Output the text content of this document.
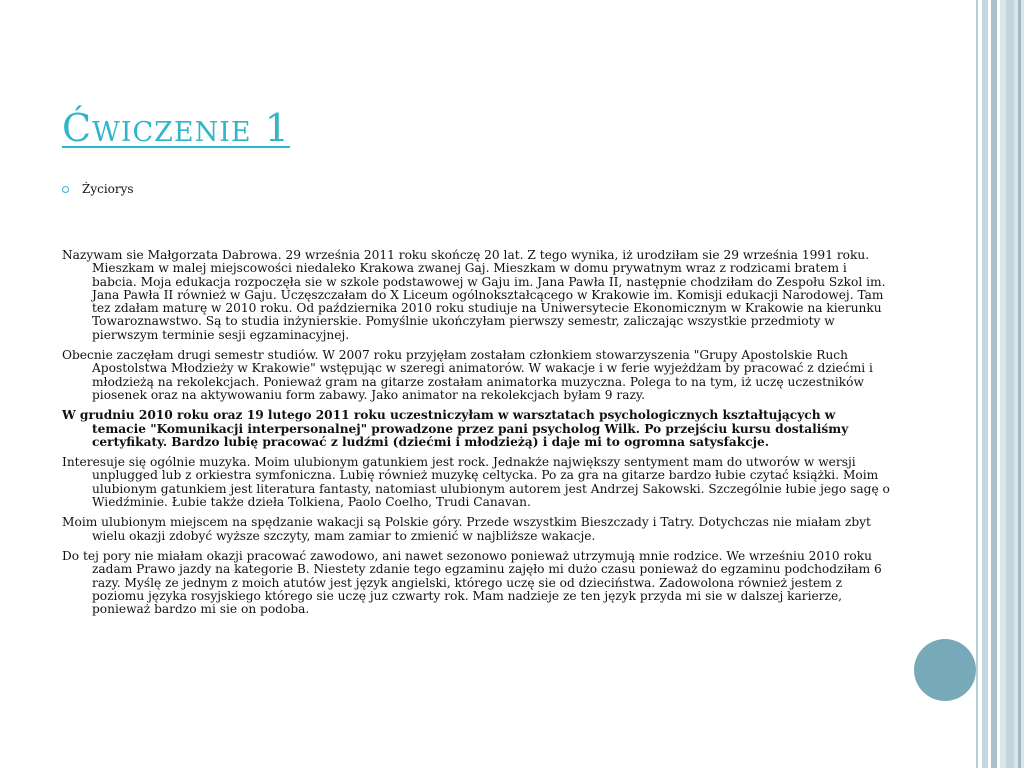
Ćwiczenie 1
Życiorys

Nazywam sie Małgorzata Dabrowa. 29 września 2011 roku skończę 20 lat. Z tego wynika, iż urodziłam sie 29 września 1991 roku. Mieszkam w malej miejscowości niedaleko Krakowa zwanej Gaj. Mieszkam w domu prywatnym wraz z rodzicami bratem i babcia. Moja edukacja rozpoczęła sie w szkole podstawowej w Gaju im. Jana Pawła II, następnie chodziłam do Zespołu Szkol im. Jana Pawła II również w Gaju. Uczęszczałam do X Liceum ogólnokształcącego w Krakowie im. Komisji edukacji Narodowej. Tam tez zdałam maturę w 2010 roku. Od października 2010 roku studiuje na Uniwersytecie Ekonomicznym w Krakowie na kierunku Towaroznawstwo. Są to studia inżynierskie. Pomyślnie ukończyłam pierwszy semestr, zaliczając wszystkie przedmioty w pierwszym terminie sesji egzaminacyjnej.

Obecnie zaczęłam drugi semestr studiów. W 2007 roku przyjęłam zostałam członkiem stowarzyszenia "Grupy Apostolskie Ruch Apostolstwa Młodzieży w Krakowie" wstępując w szeregi animatorów. W wakacje i w ferie wyjeżdżam by pracować z dziećmi i młodzieżą na rekolekcjach. Ponieważ gram na gitarze zostałam animatorka muzyczna. Polega to na tym, iż uczę uczestników piosenek oraz na aktywowaniu form zabawy. Jako animator na rekolekcjach byłam 9 razy.

W grudniu 2010 roku oraz 19 lutego 2011 roku uczestniczyłam w warsztatach psychologicznych kształtujących w temacie "Komunikacji interpersonalnej" prowadzone przez pani psycholog Wilk. Po przejściu kursu dostaliśmy certyfikaty. Bardzo lubię pracować z ludźmi (dziećmi i młodzieżą) i daje mi to ogromna satysfakcje.

Interesuje się ogólnie muzyka. Moim ulubionym gatunkiem jest rock. Jednakże największy sentyment mam do utworów w wersji unplugged lub z orkiestra symfoniczna. Lubię również muzykę celtycka. Po za gra na gitarze bardzo łubie czytać książki. Moim ulubionym gatunkiem jest literatura fantasty, natomiast ulubionym autorem jest Andrzej Sakowski. Szczególnie łubie jego sagę o Wiedźminie. Łubie także dzieła Tolkiena, Paolo Coelho, Trudi Canavan.

Moim ulubionym miejscem na spędzanie wakacji są Polskie góry. Przede wszystkim Bieszczady i Tatry. Dotychczas nie miałam zbyt wielu okazji zdobyć wyższe szczyty, mam zamiar to zmienić w najbliższe wakacje.

Do tej pory nie miałam okazji pracować zawodowo, ani nawet sezonowo ponieważ utrzymują mnie rodzice. We wrześniu 2010 roku zadam Prawo jazdy na kategorie B. Niestety zdanie tego egzaminu zajęło mi dużo czasu ponieważ do egzaminu podchodziłam 6 razy. Myślę ze jednym z moich atutów jest język angielski, którego uczę sie od dzieciństwa. Zadowolona również jestem z poziomu języka rosyjskiego którego sie uczę juz czwarty rok. Mam nadzieje ze ten język przyda mi sie w dalszej karierze, ponieważ bardzo mi sie on podoba.
